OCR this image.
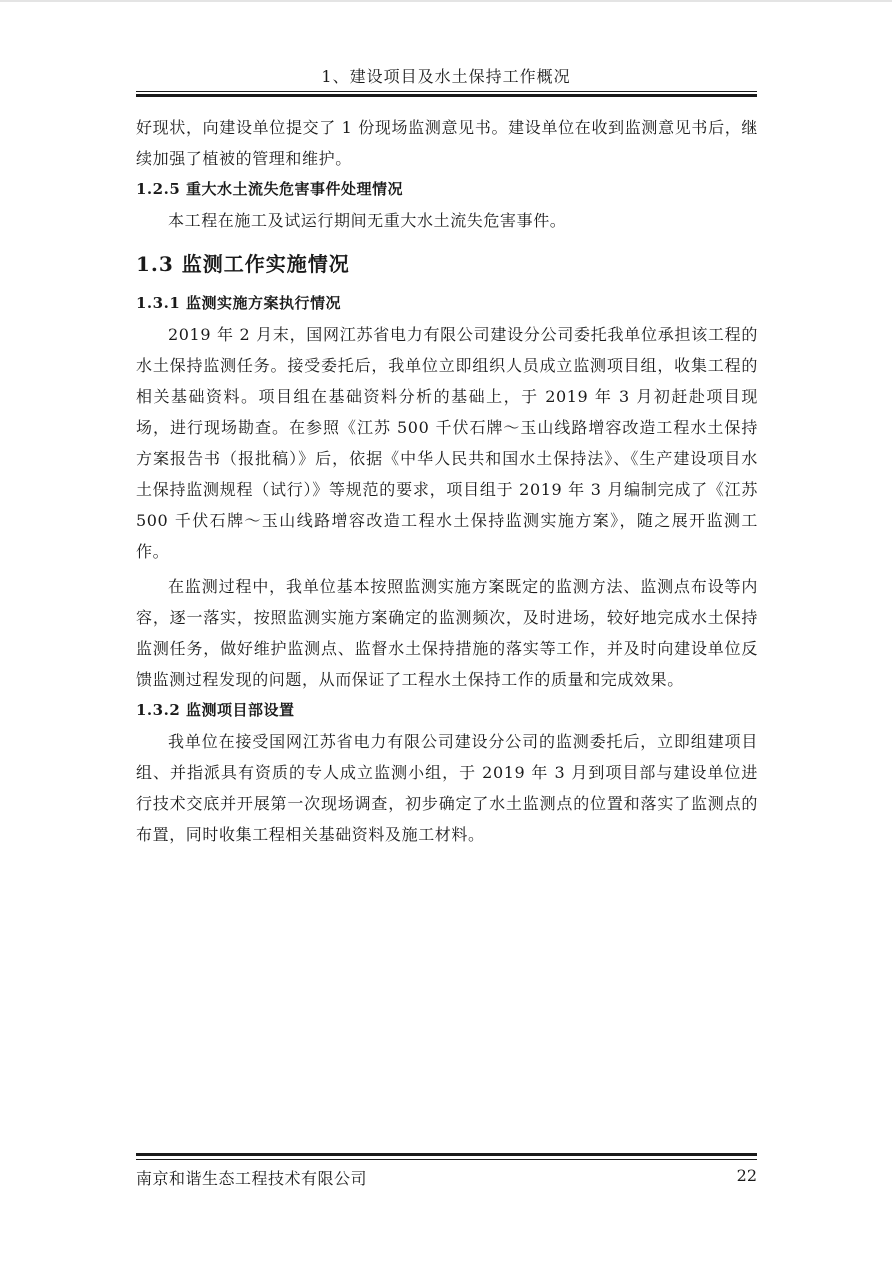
1、建设项目及水土保持工作概况

好现状，向建设单位提交了 1 份现场监测意见书。建设单位在收到监测意见书后，继续加强了植被的管理和维护。

1.2.5 重大水土流失危害事件处理情况

本工程在施工及试运行期间无重大水土流失危害事件。

1.3 监测工作实施情况
1.3.1 监测实施方案执行情况

2019 年 2 月末，国网江苏省电力有限公司建设分公司委托我单位承担该工程的水土保持监测任务。接受委托后，我单位立即组织人员成立监测项目组，收集工程的相关基础资料。项目组在基础资料分析的基础上，于 2019 年 3 月初赶赴项目现场，进行现场勘查。在参照《江苏 500 千伏石牌～玉山线路增容改造工程水土保持方案报告书（报批稿）》后，依据《中华人民共和国水土保持法》、《生产建设项目水土保持监测规程（试行）》等规范的要求，项目组于 2019 年 3 月编制完成了《江苏 500 千伏石牌～玉山线路增容改造工程水土保持监测实施方案》，随之展开监测工作。

在监测过程中，我单位基本按照监测实施方案既定的监测方法、监测点布设等内容，逐一落实，按照监测实施方案确定的监测频次，及时进场，较好地完成水土保持监测任务，做好维护监测点、监督水土保持措施的落实等工作，并及时向建设单位反馈监测过程发现的问题，从而保证了工程水土保持工作的质量和完成效果。

1.3.2 监测项目部设置

我单位在接受国网江苏省电力有限公司建设分公司的监测委托后，立即组建项目组、并指派具有资质的专人成立监测小组，于 2019 年 3 月到项目部与建设单位进行技术交底并开展第一次现场调查，初步确定了水土监测点的位置和落实了监测点的布置，同时收集工程相关基础资料及施工材料。

南京和谐生态工程技术有限公司	22
